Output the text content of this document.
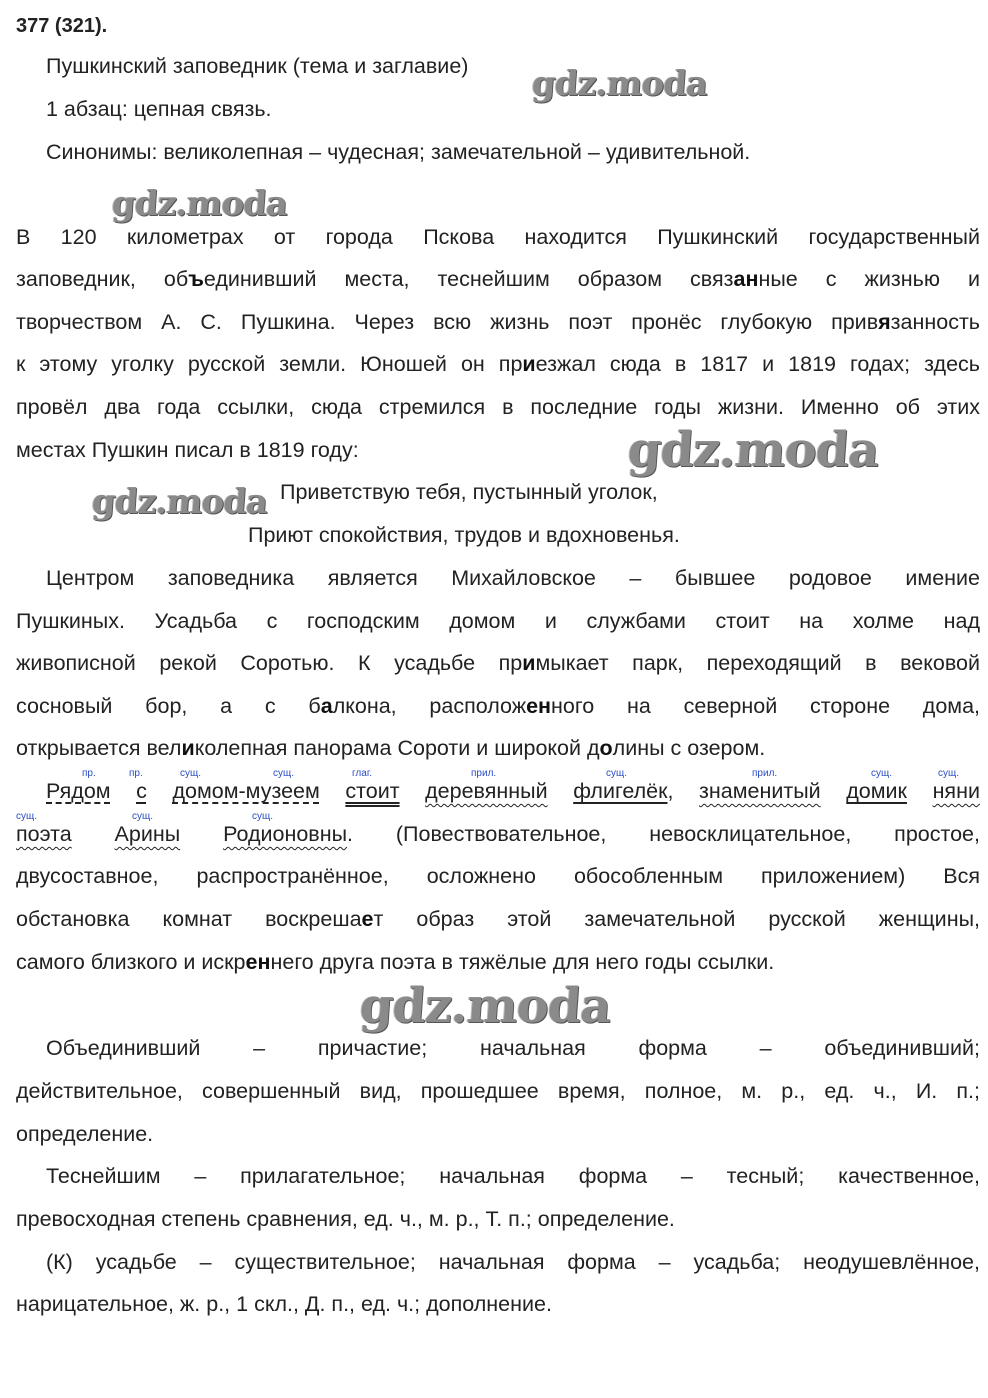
377 (321).
Пушкинский заповедник (тема и заглавие)
1 абзац: цепная связь.
Синонимы: великолепная – чудесная; замечательной – удивительной.
В 120 километрах от города Пскова находится Пушкинский государственный
заповедник, объединивший места, теснейшим образом связанные с жизнью и
творчеством А. С. Пушкина. Через всю жизнь поэт пронёс глубокую привязанность
к этому уголку русской земли. Юношей он приезжал сюда в 1817 и 1819 годах; здесь
провёл два года ссылки, сюда стремился в последние годы жизни. Именно об этих
местах Пушкин писал в 1819 году:
Приветствую тебя, пустынный уголок,
Приют спокойствия, трудов и вдохновенья.
Центром заповедника является Михайловское – бывшее родовое имение
Пушкиных. Усадьба с господским домом и службами стоит на холме над
живописной рекой Соротью. К усадьбе примыкает парк, переходящий в вековой
сосновый бор, а с балкона, расположенного на северной стороне дома,
открывается великолепная панорама Сороти и широкой долины с озером.
пр.	пр.	сущ.	сущ.	глаг.	прил.	сущ.	прил.	сущ.	сущ.
сущ.	сущ.	сущ.
Рядом с домом-музеем стоит деревянный флигелёк, знаменитый домик няни
поэта Арины Родионовны. (Повествовательное, невосклицательное, простое,
двусоставное, распространённое, осложнено обособленным приложением) Вся
обстановка комнат воскрешает образ этой замечательной русской женщины,
самого близкого и искреннего друга поэта в тяжёлые для него годы ссылки.
Объединивший – причастие; начальная форма – объединивший;
действительное, совершенный вид, прошедшее время, полное, м. р., ед. ч., И. п.;
определение.
Теснейшим – прилагательное; начальная форма – тесный; качественное,
превосходная степень сравнения, ед. ч., м. р., Т. п.; определение.
(К) усадьбе – существительное; начальная форма – усадьба; неодушевлённое,
нарицательное, ж. р., 1 скл., Д. п., ед. ч.; дополнение.
gdz.moda
gdz.moda
gdz.moda
gdz.moda
gdz.moda
